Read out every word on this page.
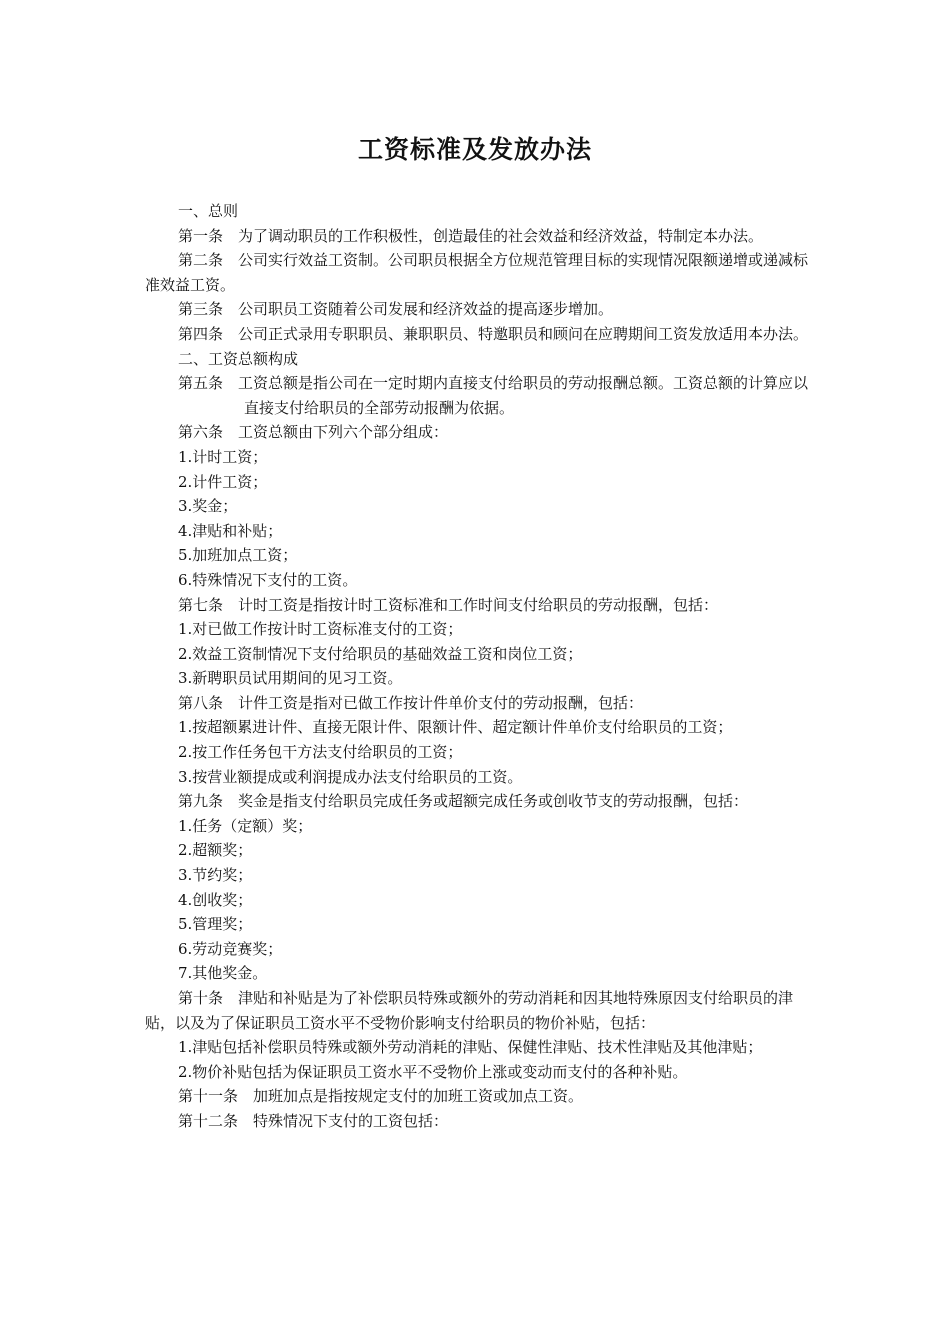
工资标准及发放办法

一、总则

第一条　为了调动职员的工作积极性，创造最佳的社会效益和经济效益，特制定本办法。

第二条　公司实行效益工资制。公司职员根据全方位规范管理目标的实现情况限额递增或递减标准效益工资。

第三条　公司职员工资随着公司发展和经济效益的提高逐步增加。

第四条　公司正式录用专职职员、兼职职员、特邀职员和顾问在应聘期间工资发放适用本办法。

二、工资总额构成

第五条　工资总额是指公司在一定时期内直接支付给职员的劳动报酬总额。工资总额的计算应以直接支付给职员的全部劳动报酬为依据。

第六条　工资总额由下列六个部分组成：

1.计时工资；

2.计件工资；

3.奖金；

4.津贴和补贴；

5.加班加点工资；

6.特殊情况下支付的工资。

第七条　计时工资是指按计时工资标准和工作时间支付给职员的劳动报酬，包括：

1.对已做工作按计时工资标准支付的工资；

2.效益工资制情况下支付给职员的基础效益工资和岗位工资；

3.新聘职员试用期间的见习工资。

第八条　计件工资是指对已做工作按计件单价支付的劳动报酬，包括：

1.按超额累进计件、直接无限计件、限额计件、超定额计件单价支付给职员的工资；

2.按工作任务包干方法支付给职员的工资；

3.按营业额提成或利润提成办法支付给职员的工资。

第九条　奖金是指支付给职员完成任务或超额完成任务或创收节支的劳动报酬，包括：

1.任务（定额）奖；

2.超额奖；

3.节约奖；

4.创收奖；

5.管理奖；

6.劳动竞赛奖；

7.其他奖金。

第十条　津贴和补贴是为了补偿职员特殊或额外的劳动消耗和因其地特殊原因支付给职员的津贴，以及为了保证职员工资水平不受物价影响支付给职员的物价补贴，包括：

1.津贴包括补偿职员特殊或额外劳动消耗的津贴、保健性津贴、技术性津贴及其他津贴；

2.物价补贴包括为保证职员工资水平不受物价上涨或变动而支付的各种补贴。

第十一条　加班加点是指按规定支付的加班工资或加点工资。

第十二条　特殊情况下支付的工资包括：
